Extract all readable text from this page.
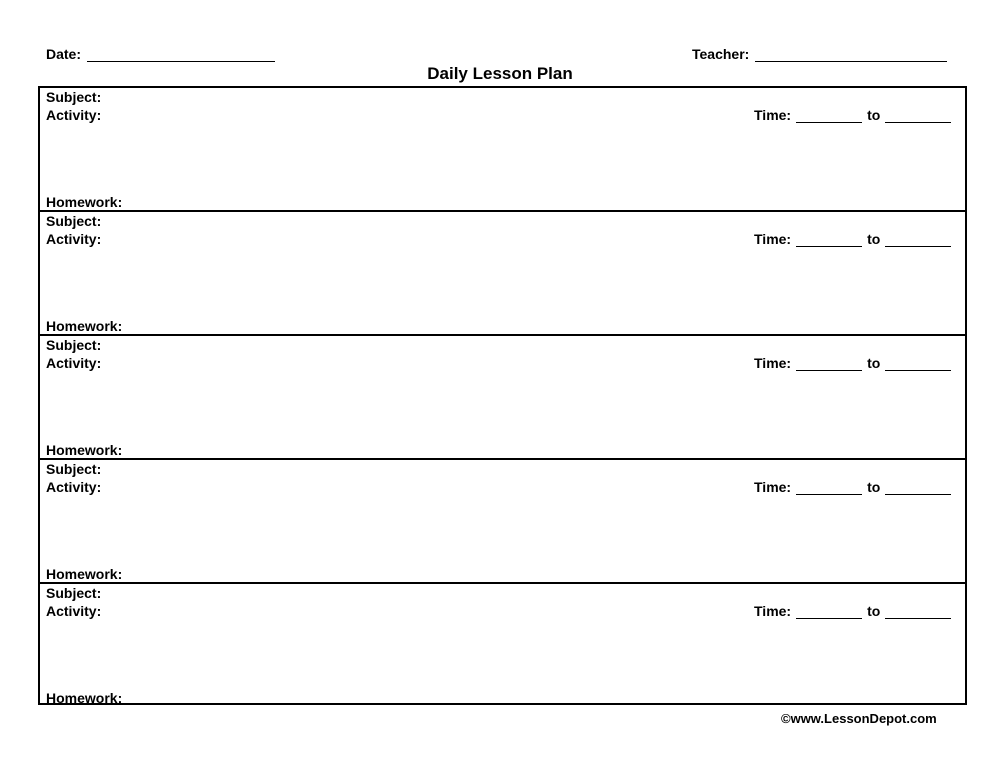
Date:	Teacher:
Daily Lesson Plan
Subject:
Activity:	Time:	to
Homework:
Subject:
Activity:	Time:	to
Homework:
Subject:
Activity:	Time:	to
Homework:
Subject:
Activity:	Time:	to
Homework:
Subject:
Activity:	Time:	to
Homework:
©www.LessonDepot.com
